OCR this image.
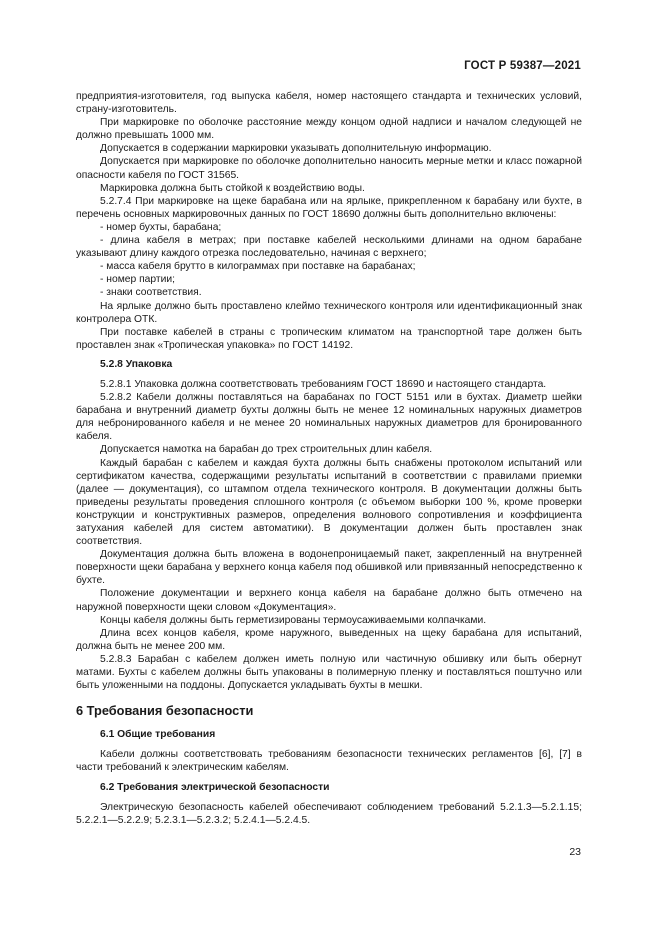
ГОСТ Р 59387—2021

предприятия-изготовителя, год выпуска кабеля, номер настоящего стандарта и технических условий, страну-изготовитель.

При маркировке по оболочке расстояние между концом одной надписи и началом следующей не должно превышать 1000 мм.

Допускается в содержании маркировки указывать дополнительную информацию.

Допускается при маркировке по оболочке дополнительно наносить мерные метки и класс пожарной опасности кабеля по ГОСТ 31565.

Маркировка должна быть стойкой к воздействию воды.

5.2.7.4 При маркировке на щеке барабана или на ярлыке, прикрепленном к барабану или бухте, в перечень основных маркировочных данных по ГОСТ 18690 должны быть дополнительно включены:

- номер бухты, барабана;

- длина кабеля в метрах; при поставке кабелей несколькими длинами на одном барабане указывают длину каждого отрезка последовательно, начиная с верхнего;

- масса кабеля брутто в килограммах при поставке на барабанах;

- номер партии;

- знаки соответствия.

На ярлыке должно быть проставлено клеймо технического контроля или идентификационный знак контролера ОТК.

При поставке кабелей в страны с тропическим климатом на транспортной таре должен быть проставлен знак «Тропическая упаковка» по ГОСТ 14192.

5.2.8 Упаковка

5.2.8.1 Упаковка должна соответствовать требованиям ГОСТ 18690 и настоящего стандарта.

5.2.8.2 Кабели должны поставляться на барабанах по ГОСТ 5151 или в бухтах. Диаметр шейки барабана и внутренний диаметр бухты должны быть не менее 12 номинальных наружных диаметров для небронированного кабеля и не менее 20 номинальных наружных диаметров для бронированного кабеля.

Допускается намотка на барабан до трех строительных длин кабеля.

Каждый барабан с кабелем и каждая бухта должны быть снабжены протоколом испытаний или сертификатом качества, содержащими результаты испытаний в соответствии с правилами приемки (далее — документация), со штампом отдела технического контроля. В документации должны быть приведены результаты проведения сплошного контроля (с объемом выборки 100 %, кроме проверки конструкции и конструктивных размеров, определения волнового сопротивления и коэффициента затухания кабелей для систем автоматики). В документации должен быть проставлен знак соответствия.

Документация должна быть вложена в водонепроницаемый пакет, закрепленный на внутренней поверхности щеки барабана у верхнего конца кабеля под обшивкой или привязанный непосредственно к бухте.

Положение документации и верхнего конца кабеля на барабане должно быть отмечено на наружной поверхности щеки словом «Документация».

Концы кабеля должны быть герметизированы термоусаживаемыми колпачками.

Длина всех концов кабеля, кроме наружного, выведенных на щеку барабана для испытаний, должна быть не менее 200 мм.

5.2.8.3 Барабан с кабелем должен иметь полную или частичную обшивку или быть обернут матами. Бухты с кабелем должны быть упакованы в полимерную пленку и поставляться поштучно или быть уложенными на поддоны. Допускается укладывать бухты в мешки.

6 Требования безопасности

6.1 Общие требования

Кабели должны соответствовать требованиям безопасности технических регламентов [6], [7] в части требований к электрическим кабелям.

6.2 Требования электрической безопасности

Электрическую безопасность кабелей обеспечивают соблюдением требований 5.2.1.3—5.2.1.15; 5.2.2.1—5.2.2.9; 5.2.3.1—5.2.3.2; 5.2.4.1—5.2.4.5.

23
